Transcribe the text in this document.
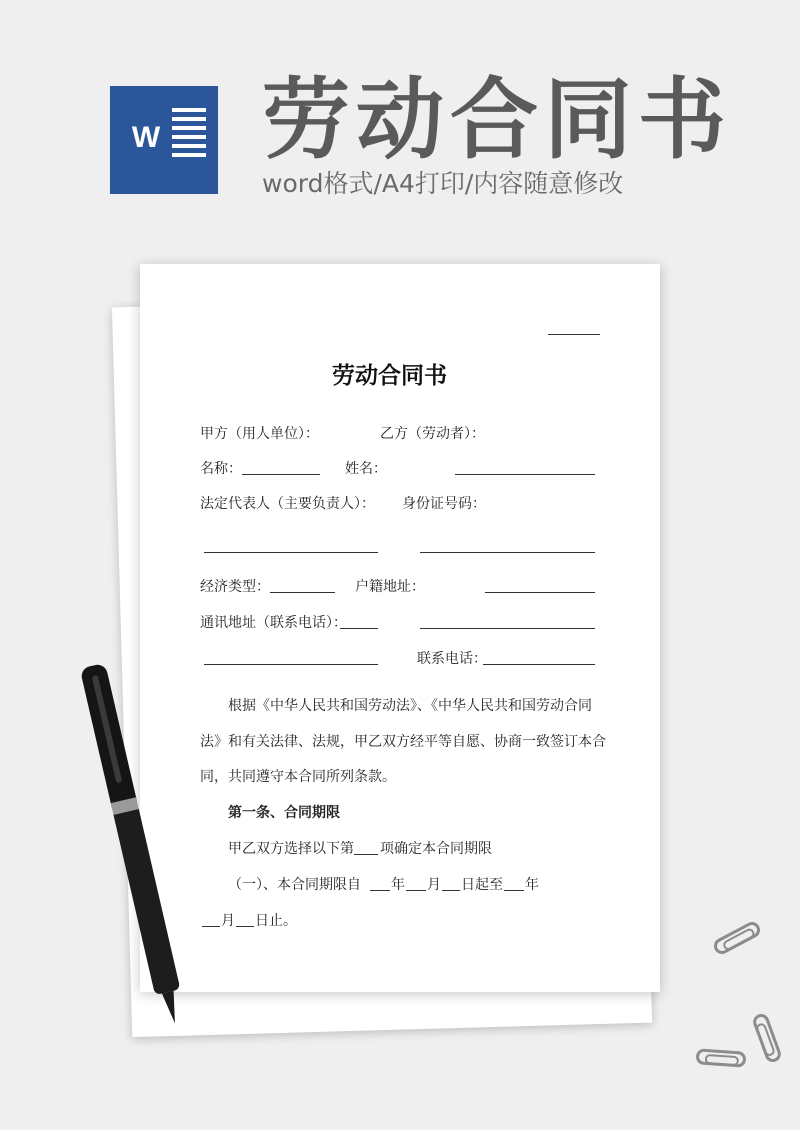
W 劳动合同书
word格式/A4打印/内容随意修改
劳动合同书
甲方（用人单位）：	乙方（劳动者）：
名称：	姓名：
法定代表人（主要负责人）： 身份证号码：
经济类型：	户籍地址：
通讯地址（联系电话）：
联系电话：
根据《中华人民共和国劳动法》、《中华人民共和国劳动合同
法》和有关法律、法规，甲乙双方经平等自愿、协商一致签订本合
同，共同遵守本合同所列条款。
第一条、合同期限
甲乙双方选择以下第 项确定本合同期限
（一）、本合同期限自 年 月 日起至 年
月 日止。
